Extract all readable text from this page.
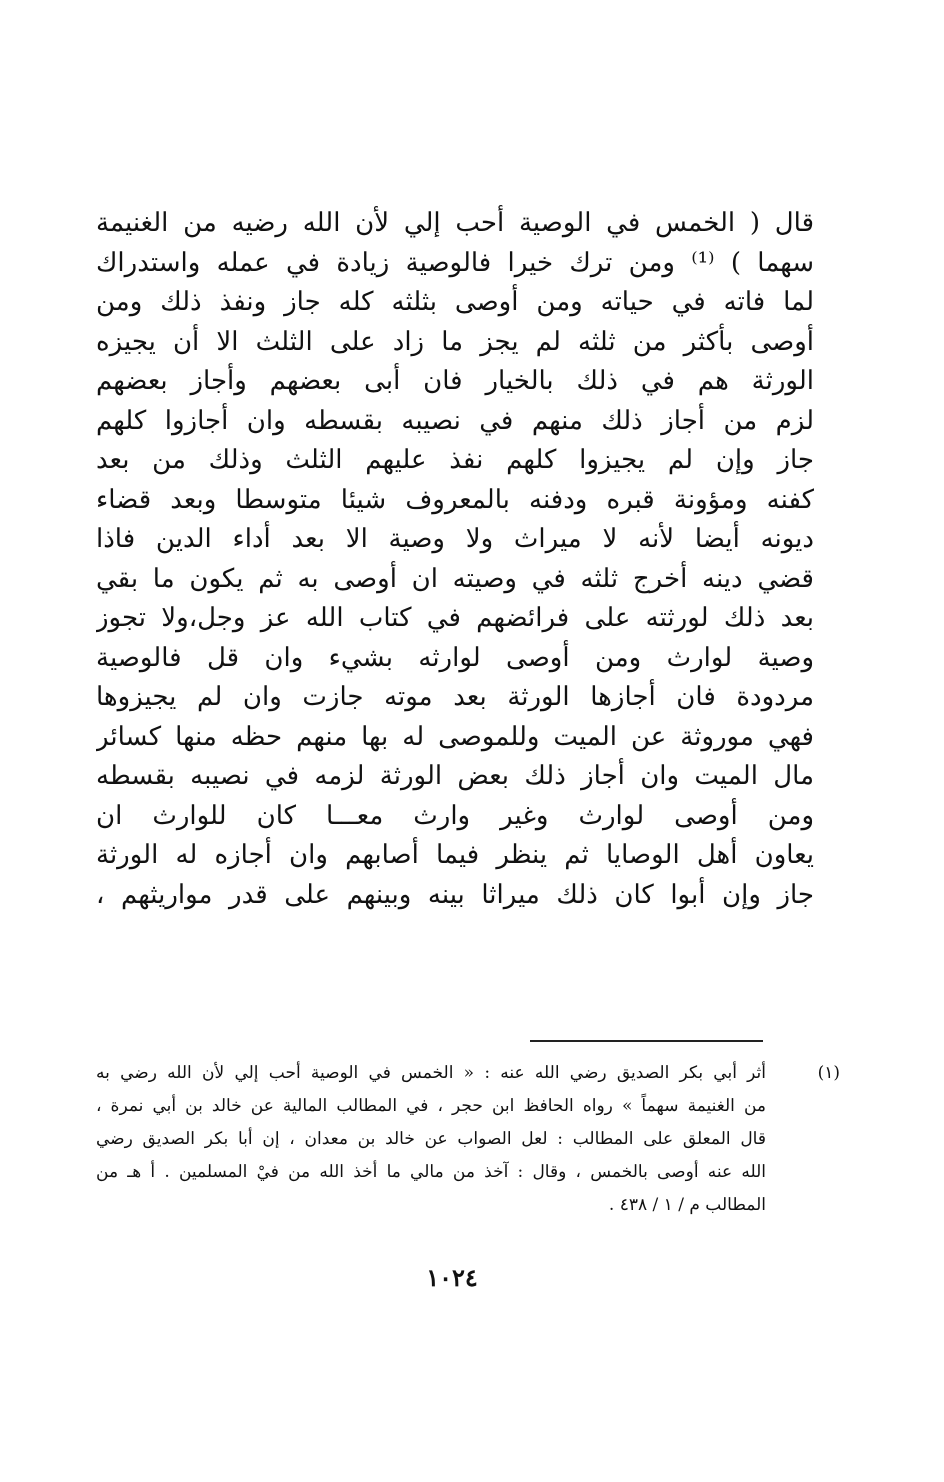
قال ( الخمس في الوصية أحب إلي لأن الله رضيه من الغنيمة
سهما ) ⁽¹⁾ ومن ترك خيرا فالوصية زيادة في عمله واستدراك
لما فاته في حياته ومن أوصى بثلثه كله جاز ونفذ ذلك ومن
أوصى بأكثر من ثلثه لم يجز ما زاد على الثلث الا أن يجيزه
الورثة هم في ذلك بالخيار فان أبى بعضهم وأجاز بعضهم
لزم من أجاز ذلك منهم في نصيبه بقسطه وان أجازوا كلهم
جاز وإن لم يجيزوا كلهم نفذ عليهم الثلث وذلك من بعد
كفنه ومؤونة قبره ودفنه بالمعروف شيئا متوسطا وبعد قضاء
ديونه أيضا لأنه لا ميراث ولا وصية الا بعد أداء الدين فاذا
قضي دينه أخرج ثلثه في وصيته ان أوصى به ثم يكون ما بقي
بعد ذلك لورثته على فرائضهم في كتاب الله عز وجل،ولا تجوز
وصية لوارث ومن أوصى لوارثه بشيء وان قل فالوصية
مردودة فان أجازها الورثة بعد موته جازت وان لم يجيزوها
فهي موروثة عن الميت وللموصى له بها منهم حظه منها كسائر
مال الميت وان أجاز ذلك بعض الورثة لزمه في نصيبه بقسطه
ومن أوصى لوارث وغير وارث معـــا كان للوارث ان
يعاون أهل الوصايا ثم ينظر فيما أصابهم وان أجازه له الورثة
جاز وإن أبوا كان ذلك ميراثا بينه وبينهم على قدر مواريثهم ،
(١)
أثر أبي بكر الصديق رضي الله عنه : « الخمس في الوصية أحب إلي لأن الله رضي به
من الغنيمة سهماً » رواه الحافظ ابن حجر ، في المطالب المالية عن خالد بن أبي نمرة ،
قال المعلق على المطالب : لعل الصواب عن خالد بن معدان ، إن أبا بكر الصديق رضي
الله عنه أوصى بالخمس ، وقال : آخذ من مالي ما أخذ الله من فيْ المسلمين . أ هـ من
المطالب م / ١ / ٤٣٨ .
١٠٢٤
